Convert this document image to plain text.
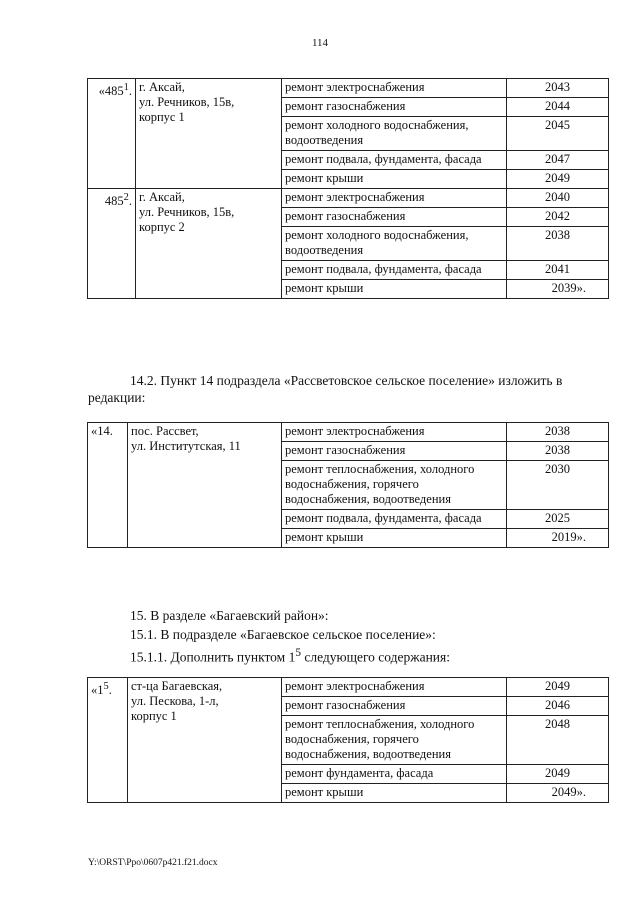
114
«$485^1$.	г. Аксай,
ул. Речников, 15в,
корпус 1	ремонт электроснабжения	2043
		ремонт газоснабжения	2044
		ремонт холодного водоснабжения, водоотведения	2045
		ремонт подвала, фундамента, фасада	2047
		ремонт крыши	2049
$485^2$.	г. Аксай,
ул. Речников, 15в,
корпус 2	ремонт электроснабжения	2040
		ремонт газоснабжения	2042
		ремонт холодного водоснабжения, водоотведения	2038
		ремонт подвала, фундамента, фасада	2041
		ремонт крыши	2039».
14.2. Пункт 14 подраздела «Рассветовское сельское поселение» изложить в редакции:
«14.	пос. Рассвет,
ул. Институтская, 11	ремонт электроснабжения	2038
		ремонт газоснабжения	2038
		ремонт теплоснабжения, холодного водоснабжения, горячего водоснабжения, водоотведения	2030
		ремонт подвала, фундамента, фасада	2025
		ремонт крыши	2019».
15. В разделе «Багаевский район»:
15.1. В подразделе «Багаевское сельское поселение»:
15.1.1. Дополнить пунктом $1^5$ следующего содержания:
«$1^5$.	ст-ца Багаевская,
ул. Пескова, 1-л,
корпус 1	ремонт электроснабжения	2049
		ремонт газоснабжения	2046
		ремонт теплоснабжения, холодного водоснабжения, горячего водоснабжения, водоотведения	2048
		ремонт фундамента, фасада	2049
		ремонт крыши	2049».
Y:\ORST\Ppo\0607p421.f21.docx
